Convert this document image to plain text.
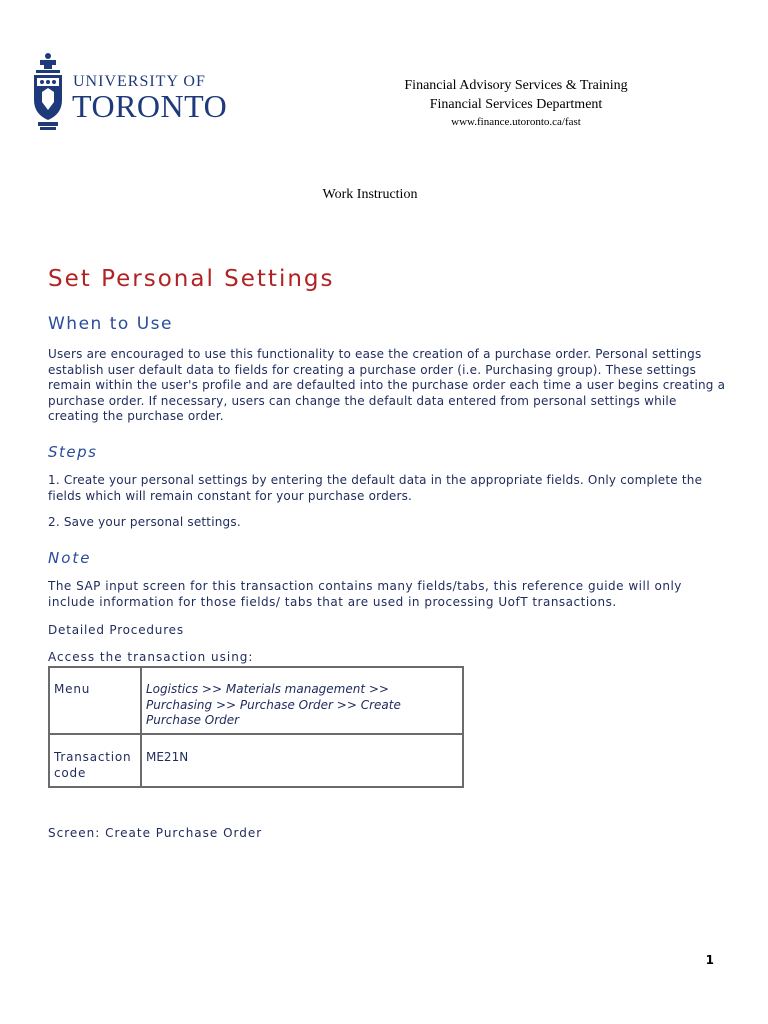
UNIVERSITY OF
TORONTO
Financial Advisory Services & Training
Financial Services Department
www.finance.utoronto.ca/fast
Work Instruction
Set Personal Settings
When to Use
Users are encouraged to use this functionality to ease the creation of a purchase order. Personal settings establish user default data to fields for creating a purchase order (i.e. Purchasing group). These settings remain within the user's profile and are defaulted into the purchase order each time a user begins creating a purchase order. If necessary, users can change the default data entered from personal settings while creating the purchase order.
Steps
1. Create your personal settings by entering the default data in the appropriate fields. Only complete the fields which will remain constant for your purchase orders.
2. Save your personal settings.
Note
The SAP input screen for this transaction contains many fields/tabs, this reference guide will only include information for those fields/ tabs that are used in processing UofT transactions.
Detailed Procedures
Access the transaction using:
Menu	Logistics >> Materials management >> Purchasing >> Purchase Order >> Create Purchase Order
Transaction code	ME21N
Screen: Create Purchase Order
1
